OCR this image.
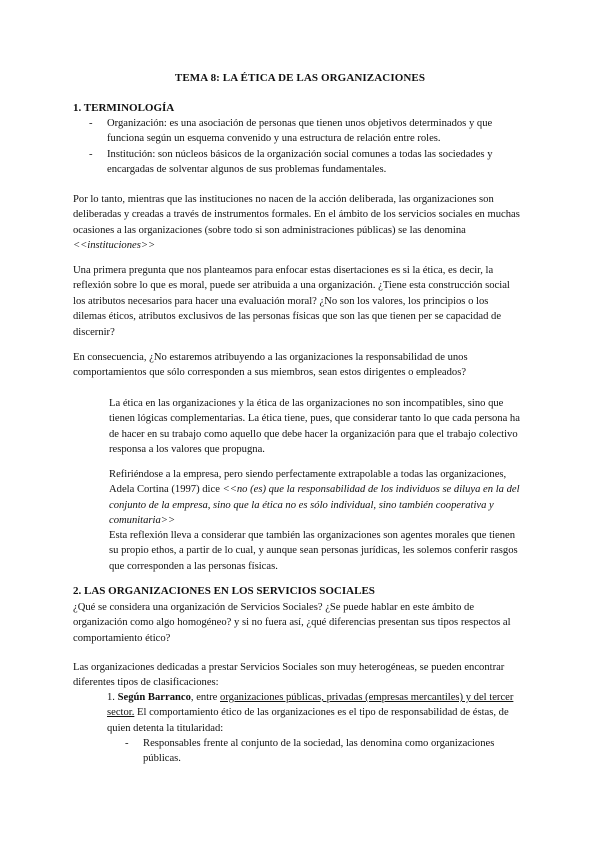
TEMA 8: LA ÉTICA DE LAS ORGANIZACIONES
1. TERMINOLOGÍA
- Organización: es una asociación de personas que tienen unos objetivos determinados y que funciona según un esquema convenido y una estructura de relación entre roles.
- Institución: son núcleos básicos de la organización social comunes a todas las sociedades y encargadas de solventar algunos de sus problemas fundamentales.

Por lo tanto, mientras que las instituciones no nacen de la acción deliberada, las organizaciones son deliberadas y creadas a través de instrumentos formales. En el ámbito de los servicios sociales en muchas ocasiones a las organizaciones (sobre todo si son administraciones públicas) se las denomina <<instituciones>>

Una primera pregunta que nos planteamos para enfocar estas disertaciones es si la ética, es decir, la reflexión sobre lo que es moral, puede ser atribuida a una organización. ¿Tiene esta construcción social los atributos necesarios para hacer una evaluación moral? ¿No son los valores, los principios o los dilemas éticos, atributos exclusivos de las personas físicas que son las que tienen per se capacidad de discernir?

En consecuencia, ¿No estaremos atribuyendo a las organizaciones la responsabilidad de unos comportamientos que sólo corresponden a sus miembros, sean estos dirigentes o empleados?

La ética en las organizaciones y la ética de las organizaciones no son incompatibles, sino que tienen lógicas complementarias. La ética tiene, pues, que considerar tanto lo que cada persona ha de hacer en su trabajo como aquello que debe hacer la organización para que el trabajo colectivo responsa a los valores que propugna.

Refiriéndose a la empresa, pero siendo perfectamente extrapolable a todas las organizaciones, Adela Cortina (1997) dice <<no (es) que la responsabilidad de los individuos se diluya en la del conjunto de la empresa, sino que la ética no es sólo individual, sino también cooperativa y comunitaria>>

Esta reflexión lleva a considerar que también las organizaciones son agentes morales que tienen su propio ethos, a partir de lo cual, y aunque sean personas jurídicas, les solemos conferir rasgos que corresponden a las personas físicas.

2. LAS ORGANIZACIONES EN LOS SERVICIOS SOCIALES

¿Qué se considera una organización de Servicios Sociales? ¿Se puede hablar en este ámbito de organización como algo homogéneo? y si no fuera así, ¿qué diferencias presentan sus tipos respectos al comportamiento ético?

Las organizaciones dedicadas a prestar Servicios Sociales son muy heterogéneas, se pueden encontrar diferentes tipos de clasificaciones:

1. Según Barranco, entre organizaciones públicas, privadas (empresas mercantiles) y del tercer sector. El comportamiento ético de las organizaciones es el tipo de responsabilidad de éstas, de quien detenta la titularidad:

-	Responsables frente al conjunto de la sociedad, las denomina como organizaciones públicas.
